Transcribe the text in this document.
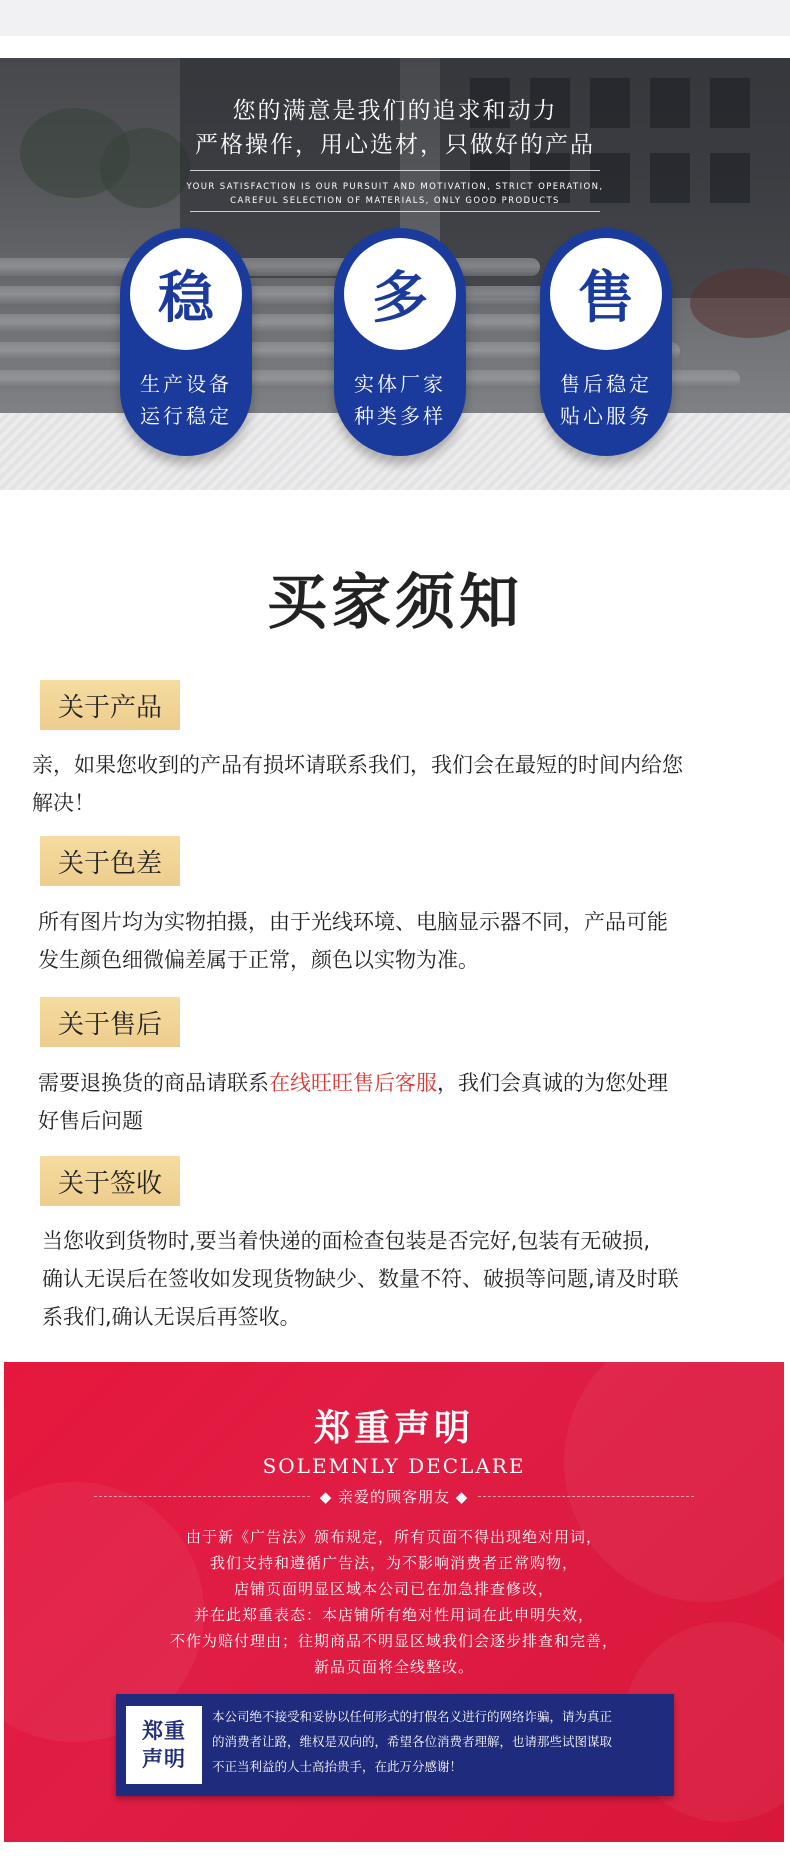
您的满意是我们的追求和动力
严格操作，用心选材，只做好的产品
YOUR SATISFACTION IS OUR PURSUIT AND MOTIVATION, STRICT OPERATION,
CAREFUL SELECTION OF MATERIALS, ONLY GOOD PRODUCTS
稳
生产设备
运行稳定
多
实体厂家
种类多样
售
售后稳定
贴心服务
买家须知
关于产品
亲，如果您收到的产品有损坏请联系我们，我们会在最短的时间内给您
解决！
关于色差
所有图片均为实物拍摄，由于光线环境、电脑显示器不同，产品可能
发生颜色细微偏差属于正常，颜色以实物为准。
关于售后
需要退换货的商品请联系在线旺旺售后客服，我们会真诚的为您处理
好售后问题
关于签收
当您收到货物时,要当着快递的面检查包装是否完好,包装有无破损,
确认无误后在签收如发现货物缺少、数量不符、破损等问题,请及时联
系我们,确认无误后再签收。
郑重声明
SOLEMNLY DECLARE
◆ 亲爱的顾客朋友 ◆
由于新《广告法》颁布规定，所有页面不得出现绝对用词，
我们支持和遵循广告法，为不影响消费者正常购物，
店铺页面明显区域本公司已在加急排查修改，
并在此郑重表态：本店铺所有绝对性用词在此申明失效，
不作为赔付理由；往期商品不明显区域我们会逐步排查和完善，
新品页面将全线整改。
郑重
声明
本公司绝不接受和妥协以任何形式的打假名义进行的网络诈骗，请为真正
的消费者让路，维权是双向的，希望各位消费者理解，也请那些试图谋取
不正当利益的人士高抬贵手，在此万分感谢！
